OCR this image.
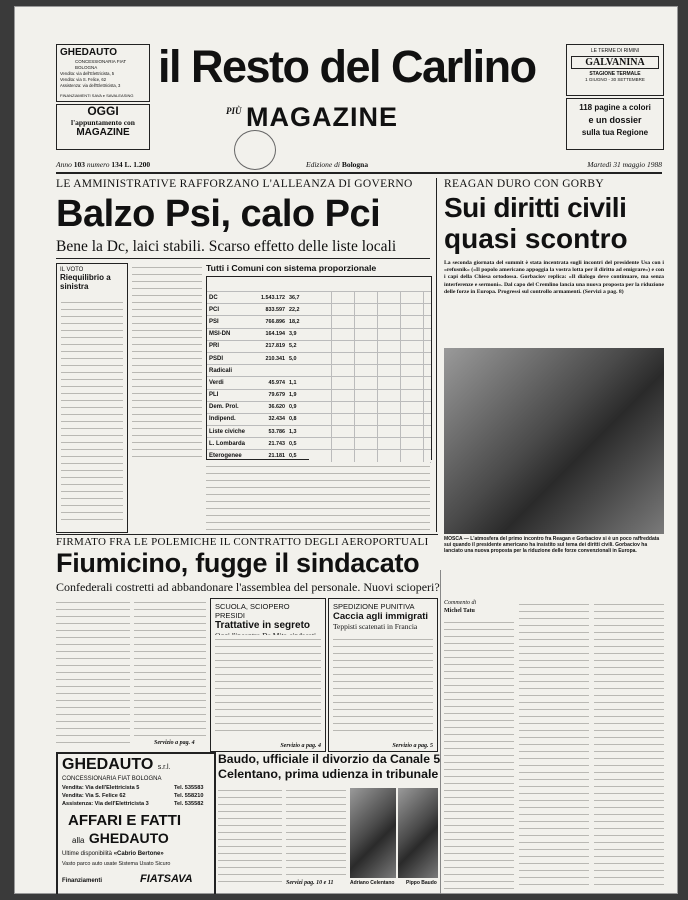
GHEDAUTO
CONCESSIONARIA FIAT BOLOGNA
Vendita: via dell'Elettricista, 5
Vendita: via S. Felice, 62
Assistenza: via dell'Elettricista, 3
FINANZIAMENTI SAVA e SAVALEASING
OGGI
l'appuntamento con
MAGAZINE
il Resto del Carlino
PIÙ MAGAZINE
LE TERME DI RIMINI
GALVANINA
STAGIONE TERMALE
1 GIUGNO - 30 SETTEMBRE
118 pagine a colori
e un dossier
sulla tua Regione
Anno 103 numero 134 L. 1.200	Edizione di Bologna	Martedì 31 maggio 1988
LE AMMINISTRATIVE RAFFORZANO L'ALLEANZA DI GOVERNO
Balzo Psi, calo Pci
Bene la Dc, laici stabili. Scarso effetto delle liste locali
IL VOTO
Riequilibrio a sinistra
Tutti i Comuni con sistema proporzionale
DC	1.543.172	36,7	
PCI	833.597	22,2	
PSI	766.896	18,2	
MSI-DN	164.194	3,9	
PRI	217.819	5,2	
PSDI	210.341	5,0	
Radicali			
Verdi	45.974	1,1	
PLI	79.679	1,9	
Dem. Prol.	36.620	0,9	
Indipend.	32.434	0,8	
Liste civiche	53.786	1,3	
L. Lombarda	21.743	0,5	
Eterogenee	21.181	0,5	

REAGAN DURO CON GORBY
Sui diritti civili
quasi scontro
La seconda giornata del summit è stata incentrata sugli incontri del presidente Usa con i «refusnik» («Il popolo americano appoggia la vostra lotta per il diritto ad emigrare») e con i capi della Chiesa ortodossa. Gorbaciov replica: «Il dialogo deve continuare, ma senza interferenze e sermoni». Dal capo del Cremlino lancia una nuova proposta per la riduzione delle forze in Europa. Progressi sul controllo armamenti. (Servizi a pag. 8)
MOSCA — L'atmosfera del primo incontro fra Reagan e Gorbaciov si è un poco raffreddata sui quando il presidente americano ha insistito sul tema dei diritti civili. Gorbaciov ha lanciato una nuova proposta per la riduzione delle forze convenzionali in Europa.
FIRMATO FRA LE POLEMICHE IL CONTRATTO DEGLI AEROPORTUALI
Fiumicino, fugge il sindacato
Confederali costretti ad abbandonare l'assemblea del personale. Nuovi scioperi?
Servizio a pag. 4
SCUOLA, SCIOPERO PRESIDI
Trattative in segreto
Servizio a pag. 4
SPEDIZIONE PUNITIVA
Caccia agli immigrati
Teppisti scatenati in Francia
Servizio a pag. 5
Commento di
Michel Tatu
GHEDAUTO s.r.l.
CONCESSIONARIA FIAT BOLOGNA
Vendita: Via dell'Elettricista 5	Tel. 535583
Vendita: Via S. Felice 62	Tel. 558210
Assistenza: Via dell'Elettricista 3	Tel. 535582
AFFARI E FATTI
alla GHEDAUTO
Ultime disponibilità «Cabrio Bertone»
Vasto parco auto usate Sistema Usato Sicuro
Finanziamenti	FIATSAVA
Baudo, ufficiale il divorzio da Canale 5
Celentano, prima udienza in tribunale
Servizi pag. 10 e 11	Adriano Celentano Pippo Baudo
